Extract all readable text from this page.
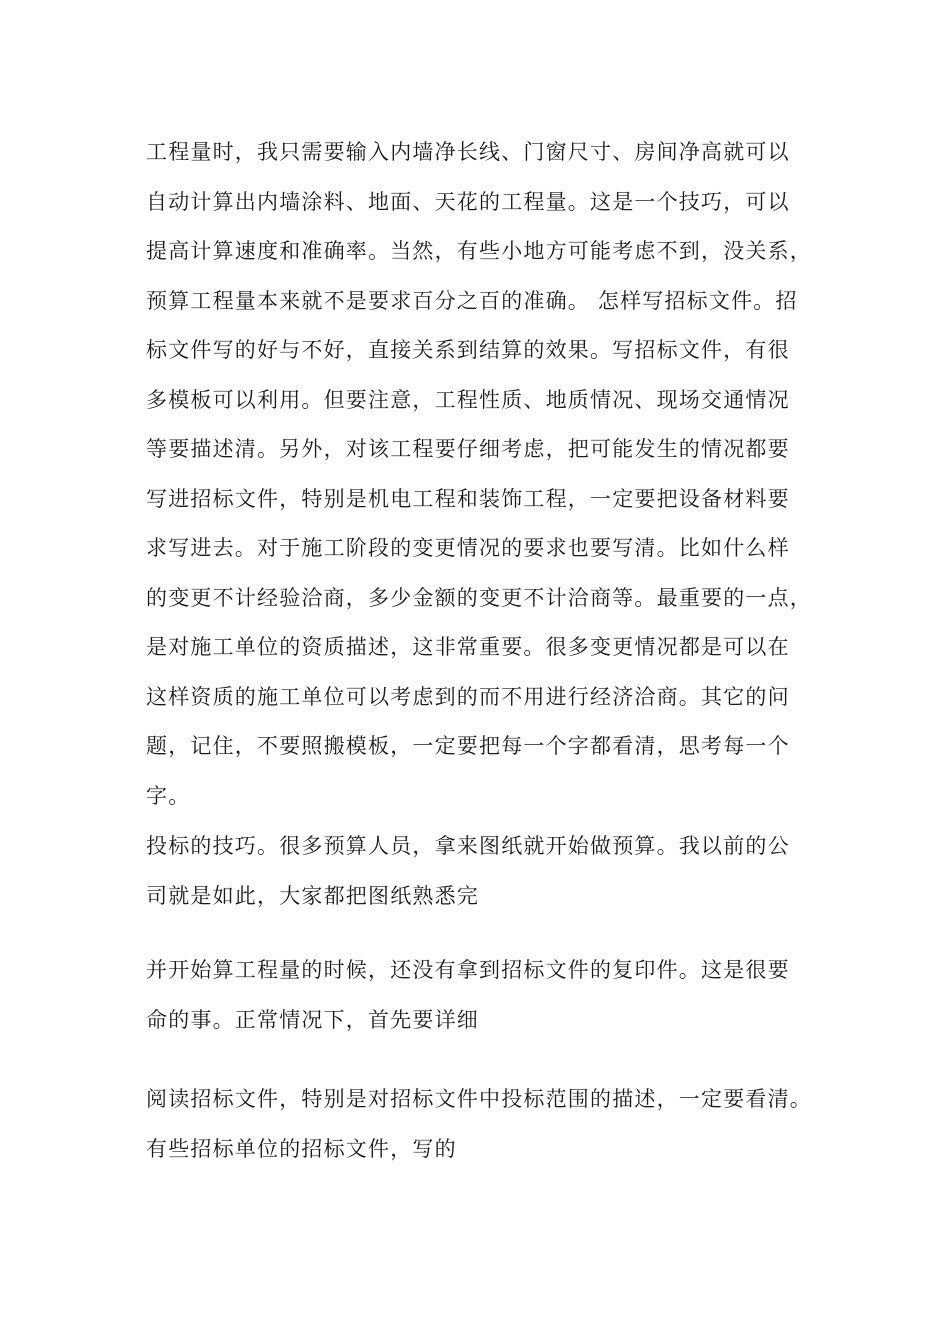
工程量时，我只需要输入内墙净长线、门窗尺寸、房间净高就可以
自动计算出内墙涂料、地面、天花的工程量。这是一个技巧，可以
提高计算速度和准确率。当然，有些小地方可能考虑不到，没关系，
预算工程量本来就不是要求百分之百的准确。 怎样写招标文件。招
标文件写的好与不好，直接关系到结算的效果。写招标文件，有很
多模板可以利用。但要注意，工程性质、地质情况、现场交通情况
等要描述清。另外，对该工程要仔细考虑，把可能发生的情况都要
写进招标文件，特别是机电工程和装饰工程，一定要把设备材料要
求写进去。对于施工阶段的变更情况的要求也要写清。比如什么样
的变更不计经验洽商，多少金额的变更不计洽商等。最重要的一点，
是对施工单位的资质描述，这非常重要。很多变更情况都是可以在
这样资质的施工单位可以考虑到的而不用进行经济洽商。其它的问
题，记住，不要照搬模板，一定要把每一个字都看清，思考每一个
字。

投标的技巧。很多预算人员，拿来图纸就开始做预算。我以前的公
司就是如此，大家都把图纸熟悉完

并开始算工程量的时候，还没有拿到招标文件的复印件。这是很要
命的事。正常情况下，首先要详细

阅读招标文件，特别是对招标文件中投标范围的描述，一定要看清。
有些招标单位的招标文件，写的
